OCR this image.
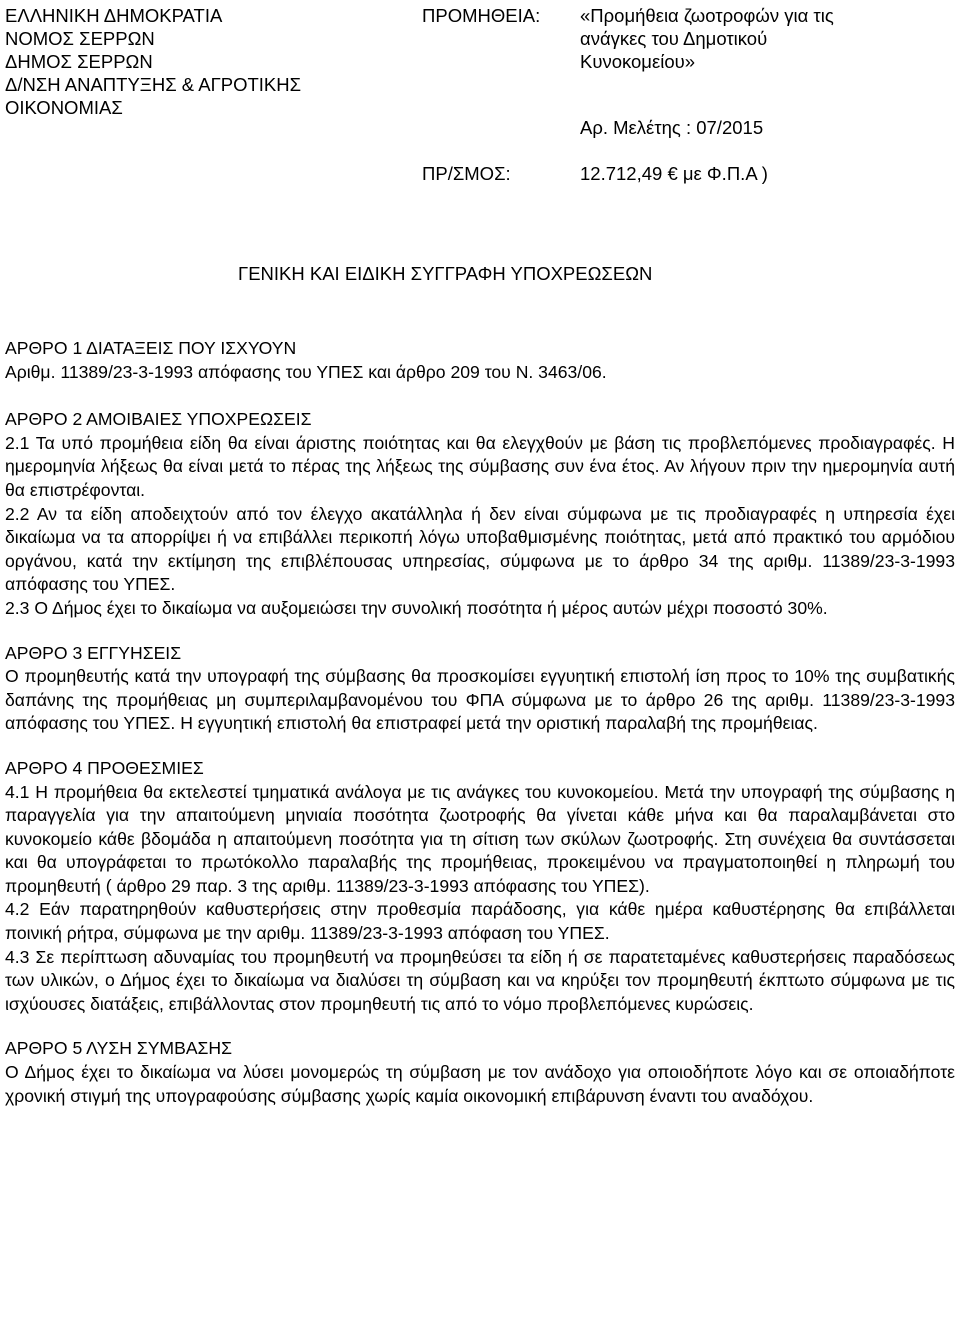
ΕΛΛΗΝΙΚΗ ΔΗΜΟΚΡΑΤΙΑ
ΝΟΜΟΣ ΣΕΡΡΩΝ
ΔΗΜΟΣ ΣΕΡΡΩΝ
Δ/ΝΣΗ ΑΝΑΠΤΥΞΗΣ & ΑΓΡΟΤΙΚΗΣ
ΟΙΚΟΝΟΜΙΑΣ
ΠΡΟΜΗΘΕΙΑ: «Προμήθεια ζωοτροφών για τις
ανάγκες του Δημοτικού
Κυνοκομείου»
Αρ. Μελέτης : 07/2015
ΠΡ/ΣΜΟΣ:	12.712,49 € με Φ.Π.Α )
ΓΕΝΙΚΗ ΚΑΙ ΕΙΔΙΚΗ ΣΥΓΓΡΑΦΗ ΥΠΟΧΡΕΩΣΕΩΝ
ΑΡΘΡΟ 1 ΔΙΑΤΑΞΕΙΣ ΠΟΥ ΙΣΧΥΟΥΝ
Αριθμ. 11389/23-3-1993 απόφασης του ΥΠΕΣ και άρθρο 209 του Ν. 3463/06.
ΑΡΘΡΟ 2 ΑΜΟΙΒΑΙΕΣ ΥΠΟΧΡΕΩΣΕΙΣ
2.1 Τα υπό προμήθεια είδη θα είναι άριστης ποιότητας και θα ελεγχθούν με βάση τις προβλεπόμενες προδιαγραφές. Η ημερομηνία λήξεως θα είναι μετά το πέρας της λήξεως της σύμβασης συν ένα έτος. Αν λήγουν πριν την ημερομηνία αυτή θα επιστρέφονται.
2.2 Αν τα είδη αποδειχτούν από τον έλεγχο ακατάλληλα ή δεν είναι σύμφωνα με τις προδιαγραφές η υπηρεσία έχει δικαίωμα να τα απορρίψει ή να επιβάλλει περικοπή λόγω υποβαθμισμένης ποιότητας, μετά από πρακτικό του αρμόδιου οργάνου, κατά την εκτίμηση της επιβλέπουσας υπηρεσίας, σύμφωνα με το άρθρο 34 της αριθμ. 11389/23-3-1993 απόφασης του ΥΠΕΣ.
2.3 Ο Δήμος έχει το δικαίωμα να αυξομειώσει την συνολική ποσότητα ή μέρος αυτών μέχρι ποσοστό 30%.
ΑΡΘΡΟ 3 ΕΓΓΥΗΣΕΙΣ
Ο προμηθευτής κατά την υπογραφή της σύμβασης θα προσκομίσει εγγυητική επιστολή ίση προς το 10% της συμβατικής δαπάνης της προμήθειας μη συμπεριλαμβανομένου του ΦΠΑ σύμφωνα με το άρθρο 26 της αριθμ. 11389/23-3-1993 απόφασης του ΥΠΕΣ. Η εγγυητική επιστολή θα επιστραφεί μετά την οριστική παραλαβή της προμήθειας.
ΑΡΘΡΟ 4 ΠΡΟΘΕΣΜΙΕΣ
4.1 Η προμήθεια θα εκτελεστεί τμηματικά ανάλογα με τις ανάγκες του κυνοκομείου. Μετά την υπογραφή της σύμβασης η παραγγελία για την απαιτούμενη μηνιαία ποσότητα ζωοτροφής θα γίνεται κάθε μήνα και θα παραλαμβάνεται στο κυνοκομείο κάθε βδομάδα η απαιτούμενη ποσότητα για τη σίτιση των σκύλων ζωοτροφής. Στη συνέχεια θα συντάσσεται και θα υπογράφεται το πρωτόκολλο παραλαβής της προμήθειας, προκειμένου να πραγματοποιηθεί η πληρωμή του προμηθευτή ( άρθρο 29 παρ. 3 της αριθμ. 11389/23-3-1993 απόφασης του ΥΠΕΣ).
4.2 Εάν παρατηρηθούν καθυστερήσεις στην προθεσμία παράδοσης, για κάθε ημέρα καθυστέρησης θα επιβάλλεται ποινική ρήτρα, σύμφωνα με την αριθμ. 11389/23-3-1993 απόφαση του ΥΠΕΣ.
4.3 Σε περίπτωση αδυναμίας του προμηθευτή να προμηθεύσει τα είδη ή σε παρατεταμένες καθυστερήσεις παραδόσεως των υλικών, ο Δήμος έχει το δικαίωμα να διαλύσει τη σύμβαση και να κηρύξει τον προμηθευτή έκπτωτο σύμφωνα με τις ισχύουσες διατάξεις, επιβάλλοντας στον προμηθευτή τις από το νόμο προβλεπόμενες κυρώσεις.
ΑΡΘΡΟ 5 ΛΥΣΗ ΣΥΜΒΑΣΗΣ
Ο Δήμος έχει το δικαίωμα να λύσει μονομερώς τη σύμβαση με τον ανάδοχο για οποιοδήποτε λόγο και σε οποιαδήποτε χρονική στιγμή της υπογραφούσης σύμβασης χωρίς καμία οικονομική επιβάρυνση έναντι του αναδόχου.
